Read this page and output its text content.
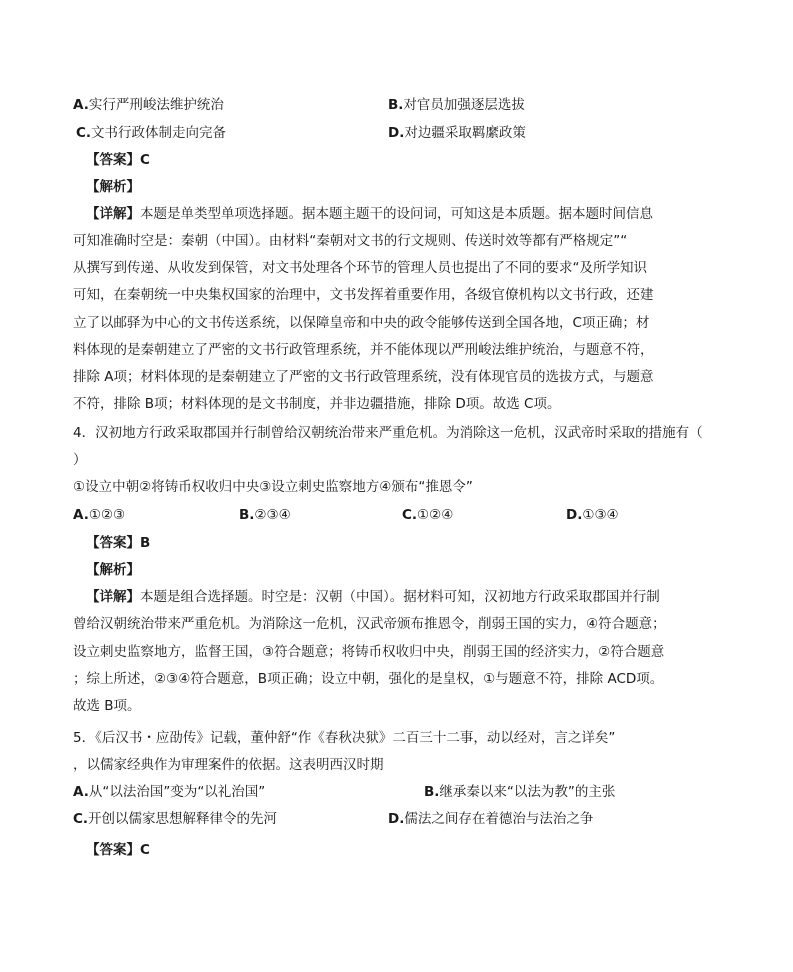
A.实行严刑峻法维护统治	B.对官员加强逐层选拔
C.文书行政体制走向完备	D.对边疆采取羁縻政策
【答案】C
【解析】
【详解】本题是单类型单项选择题。据本题主题干的设问词，可知这是本质题。据本题时间信息
可知准确时空是：秦朝（中国）。由材料“秦朝对文书的行文规则、传送时效等都有严格规定”“
从撰写到传递、从收发到保管，对文书处理各个环节的管理人员也提出了不同的要求“及所学知识
可知，在秦朝统一中央集权国家的治理中，文书发挥着重要作用，各级官僚机构以文书行政，还建
立了以邮驿为中心的文书传送系统，以保障皇帝和中央的政令能够传送到全国各地，C项正确；材
料体现的是秦朝建立了严密的文书行政管理系统，并不能体现以严刑峻法维护统治，与题意不符，
排除 A项；材料体现的是秦朝建立了严密的文书行政管理系统，没有体现官员的选拔方式，与题意
不符，排除 B项；材料体现的是文书制度，并非边疆措施，排除 D项。故选 C项。
4．汉初地方行政采取郡国并行制曾给汉朝统治带来严重危机。为消除这一危机，汉武帝时采取的措施有（
）
①设立中朝②将铸币权收归中央③设立刺史监察地方④颁布“推恩令”
A.①②③	B.②③④	C.①②④	D.①③④
【答案】B
【解析】
【详解】本题是组合选择题。时空是：汉朝（中国）。据材料可知，汉初地方行政采取郡国并行制
曾给汉朝统治带来严重危机。为消除这一危机，汉武帝颁布推恩令，削弱王国的实力，④符合题意；
设立刺史监察地方，监督王国，③符合题意；将铸币权收归中央，削弱王国的经济实力，②符合题意
；综上所述，②③④符合题意，B项正确；设立中朝，强化的是皇权，①与题意不符，排除 ACD项。
故选 B项。
5．《后汉书・应劭传》记载，董仲舒“作《春秋决狱》二百三十二事，动以经对，言之详矣”
，以儒家经典作为审理案件的依据。这表明西汉时期
A.从“以法治国”变为“以礼治国”	B.继承秦以来“以法为教”的主张
C.开创以儒家思想解释律令的先河	D.儒法之间存在着德治与法治之争
【答案】C
